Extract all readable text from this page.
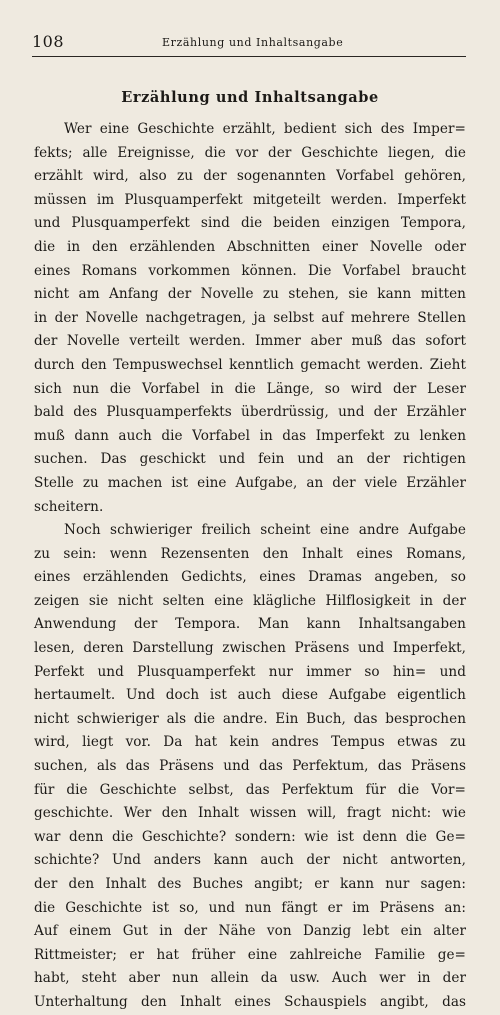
108	Erzählung und Inhaltsangabe
Erzählung und Inhaltsangabe
Wer eine Geschichte erzählt, bedient sich des Imper=
fekts; alle Ereignisse, die vor der Geschichte liegen, die
erzählt wird, also zu der sogenannten Vorfabel gehören,
müssen im Plusquamperfekt mitgeteilt werden. Imperfekt
und Plusquamperfekt sind die beiden einzigen Tempora,
die in den erzählenden Abschnitten einer Novelle oder
eines Romans vorkommen können. Die Vorfabel braucht
nicht am Anfang der Novelle zu stehen, sie kann mitten
in der Novelle nachgetragen, ja selbst auf mehrere Stellen
der Novelle verteilt werden. Immer aber muß das sofort
durch den Tempuswechsel kenntlich gemacht werden. Zieht
sich nun die Vorfabel in die Länge, so wird der Leser
bald des Plusquamperfekts überdrüssig, und der Erzähler
muß dann auch die Vorfabel in das Imperfekt zu lenken
suchen. Das geschickt und fein und an der richtigen
Stelle zu machen ist eine Aufgabe, an der viele Erzähler
scheitern.
Noch schwieriger freilich scheint eine andre Aufgabe
zu sein: wenn Rezensenten den Inhalt eines Romans,
eines erzählenden Gedichts, eines Dramas angeben, so
zeigen sie nicht selten eine klägliche Hilflosigkeit in der
Anwendung der Tempora. Man kann Inhaltsangaben
lesen, deren Darstellung zwischen Präsens und Imperfekt,
Perfekt und Plusquamperfekt nur immer so hin= und
hertaumelt. Und doch ist auch diese Aufgabe eigentlich
nicht schwieriger als die andre. Ein Buch, das besprochen
wird, liegt vor. Da hat kein andres Tempus etwas zu
suchen, als das Präsens und das Perfektum, das Präsens
für die Geschichte selbst, das Perfektum für die Vor=
geschichte. Wer den Inhalt wissen will, fragt nicht: wie
war denn die Geschichte? sondern: wie ist denn die Ge=
schichte? Und anders kann auch der nicht antworten,
der den Inhalt des Buches angibt; er kann nur sagen:
die Geschichte ist so, und nun fängt er im Präsens an:
Auf einem Gut in der Nähe von Danzig lebt ein alter
Rittmeister; er hat früher eine zahlreiche Familie ge=
habt, steht aber nun allein da usw. Auch wer in der
Unterhaltung den Inhalt eines Schauspiels angibt, das
